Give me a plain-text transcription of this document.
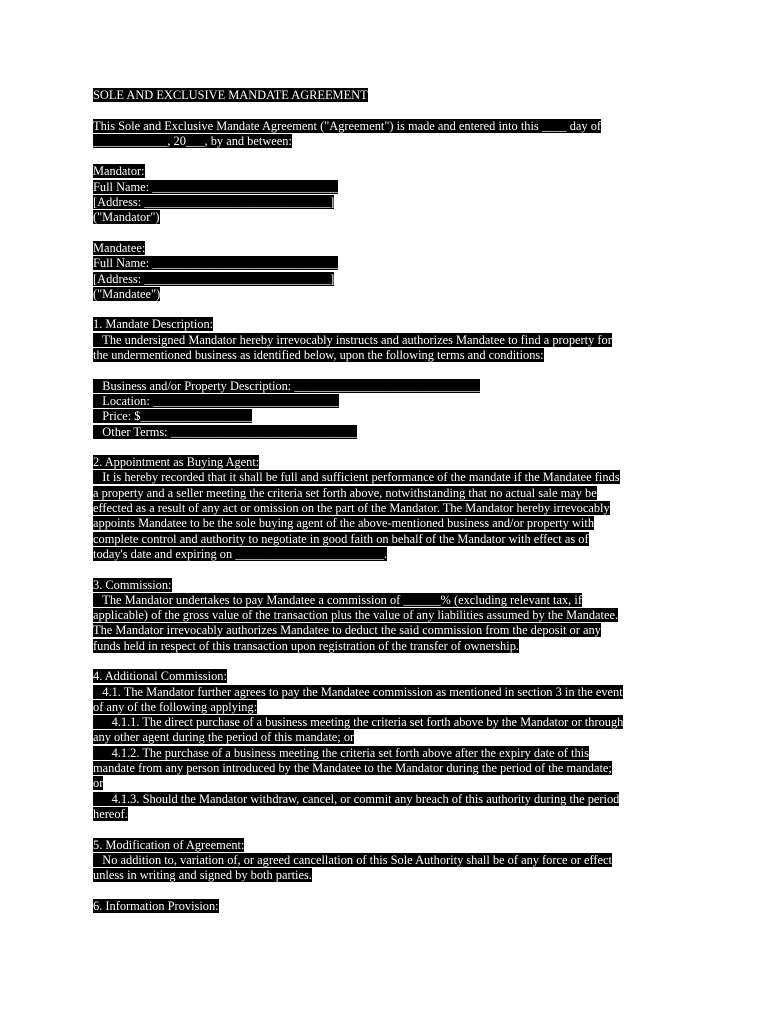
SOLE AND EXCLUSIVE MANDATE AGREEMENT
This Sole and Exclusive Mandate Agreement ("Agreement") is made and entered into this ____ day of
____________, 20___, by and between:
Mandator:
Full Name: ______________________________
[Address: ______________________________]
("Mandator")
Mandatee:
Full Name: ______________________________
[Address: ______________________________]
("Mandatee")
1. Mandate Description:
The undersigned Mandator hereby irrevocably instructs and authorizes Mandatee to find a property for
the undermentioned business as identified below, upon the following terms and conditions:
Business and/or Property Description: ______________________________
Location: ______________________________
Price: $__________________
Other Terms: ______________________________
2. Appointment as Buying Agent:
It is hereby recorded that it shall be full and sufficient performance of the mandate if the Mandatee finds
a property and a seller meeting the criteria set forth above, notwithstanding that no actual sale may be
effected as a result of any act or omission on the part of the Mandator. The Mandator hereby irrevocably
appoints Mandatee to be the sole buying agent of the above-mentioned business and/or property with
complete control and authority to negotiate in good faith on behalf of the Mandator with effect as of
today's date and expiring on ________________________.
3. Commission:
The Mandator undertakes to pay Mandatee a commission of ______% (excluding relevant tax, if
applicable) of the gross value of the transaction plus the value of any liabilities assumed by the Mandatee.
The Mandator irrevocably authorizes Mandatee to deduct the said commission from the deposit or any
funds held in respect of this transaction upon registration of the transfer of ownership.
4. Additional Commission:
4.1. The Mandator further agrees to pay the Mandatee commission as mentioned in section 3 in the event
of any of the following applying:
4.1.1. The direct purchase of a business meeting the criteria set forth above by the Mandator or through
any other agent during the period of this mandate; or
4.1.2. The purchase of a business meeting the criteria set forth above after the expiry date of this
mandate from any person introduced by the Mandatee to the Mandator during the period of the mandate;
or
4.1.3. Should the Mandator withdraw, cancel, or commit any breach of this authority during the period
hereof.
5. Modification of Agreement:
No addition to, variation of, or agreed cancellation of this Sole Authority shall be of any force or effect
unless in writing and signed by both parties.
6. Information Provision:
